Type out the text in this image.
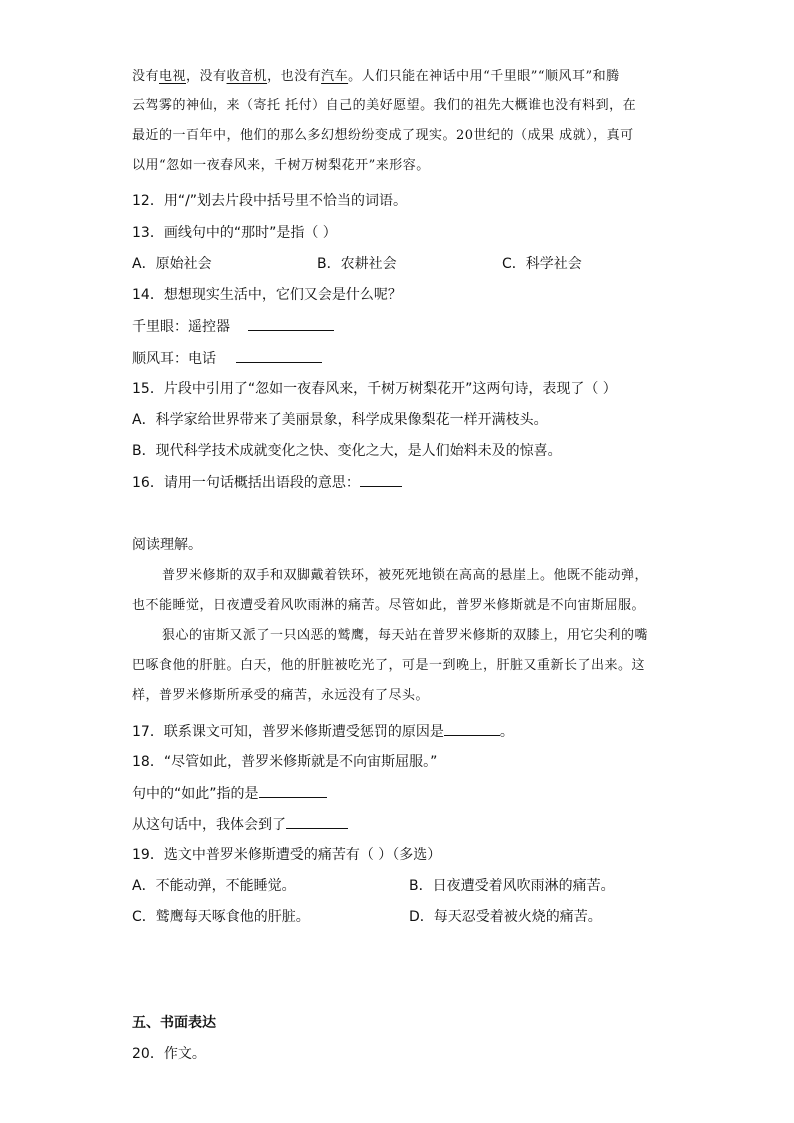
没有电视，没有收音机，也没有汽车。人们只能在神话中用“千里眼”“顺风耳”和腾
云驾雾的神仙，来（寄托 托付）自己的美好愿望。我们的祖先大概谁也没有料到，在
最近的一百年中，他们的那么多幻想纷纷变成了现实。20世纪的（成果 成就），真可
以用“忽如一夜春风来，千树万树梨花开”来形容。
12．用“/”划去片段中括号里不恰当的词语。
13．画线句中的“那时”是指（ ）
A．原始社会	B．农耕社会	C．科学社会
14．想想现实生活中，它们又会是什么呢？
千里眼：遥控器
顺风耳：电话
15．片段中引用了“忽如一夜春风来，千树万树梨花开”这两句诗，表现了（ ）
A．科学家给世界带来了美丽景象，科学成果像梨花一样开满枝头。
B．现代科学技术成就变化之快、变化之大，是人们始料未及的惊喜。
16．请用一句话概括出语段的意思：
阅读理解。
普罗米修斯的双手和双脚戴着铁环，被死死地锁在高高的悬崖上。他既不能动弹，
也不能睡觉，日夜遭受着风吹雨淋的痛苦。尽管如此，普罗米修斯就是不向宙斯屈服。
狠心的宙斯又派了一只凶恶的鹫鹰，每天站在普罗米修斯的双膝上，用它尖利的嘴
巴啄食他的肝脏。白天，他的肝脏被吃光了，可是一到晚上，肝脏又重新长了出来。这
样，普罗米修斯所承受的痛苦，永远没有了尽头。
17．联系课文可知，普罗米修斯遭受惩罚的原因是	。
18．“尽管如此，普罗米修斯就是不向宙斯屈服。”
句中的“如此”指的是
从这句话中，我体会到了
19．选文中普罗米修斯遭受的痛苦有（ ）（多选）
A．不能动弹，不能睡觉。	B．日夜遭受着风吹雨淋的痛苦。
C．鹫鹰每天啄食他的肝脏。	D．每天忍受着被火烧的痛苦。
五、书面表达
20．作文。
